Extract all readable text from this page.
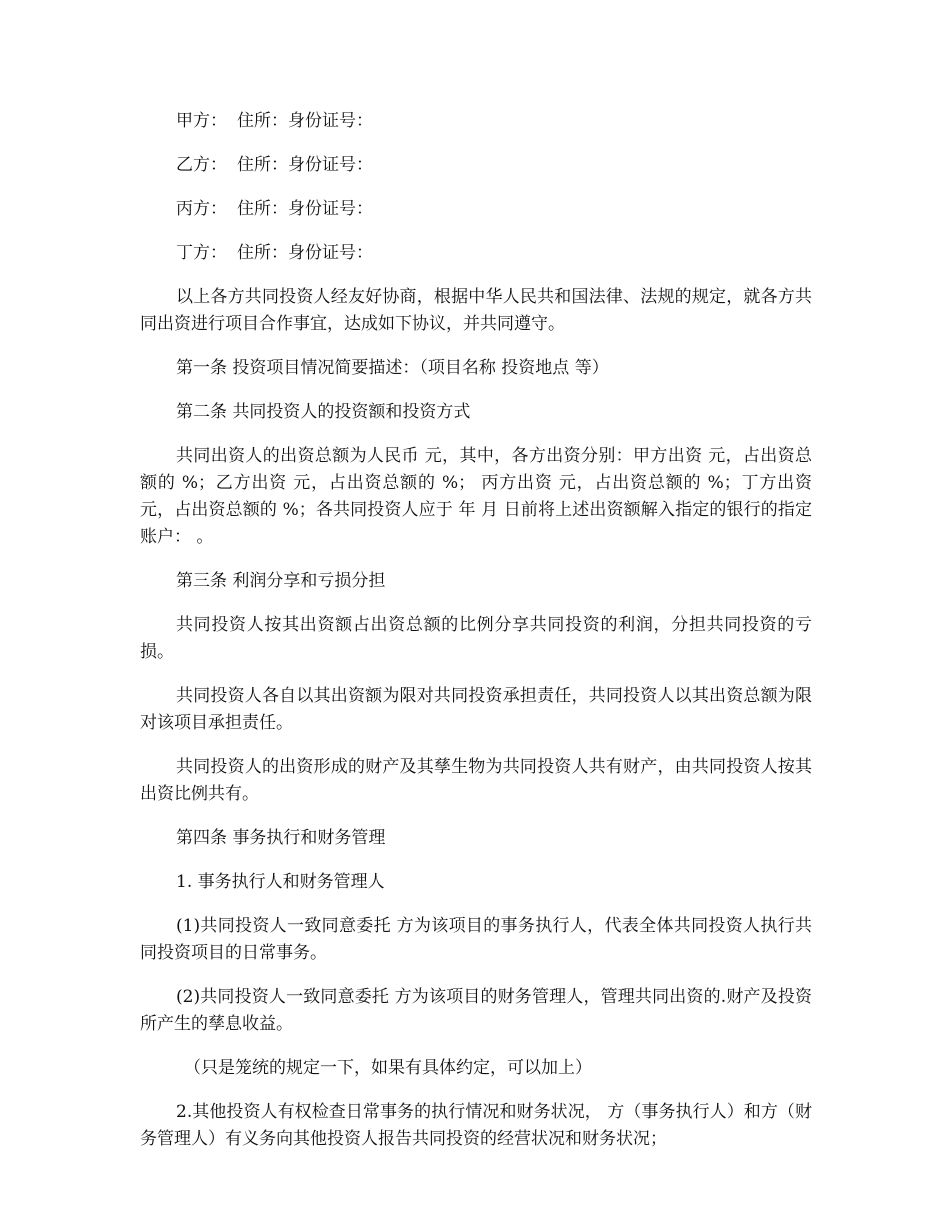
甲方： 住所：身份证号：
乙方： 住所：身份证号：
丙方： 住所：身份证号：
丁方： 住所：身份证号：

以上各方共同投资人经友好协商，根据中华人民共和国法律、法规的规定，就各方共同出资进行项目合作事宜，达成如下协议，并共同遵守。

第一条 投资项目情况简要描述：（项目名称 投资地点 等）

第二条 共同投资人的投资额和投资方式

共同出资人的出资总额为人民币 元，其中，各方出资分别：甲方出资 元，占出资总额的 %；乙方出资 元，占出资总额的 %； 丙方出资 元，占出资总额的 %；丁方出资 元，占出资总额的 %；各共同投资人应于 年 月 日前将上述出资额解入指定的银行的指定账户： 。

第三条 利润分享和亏损分担

共同投资人按其出资额占出资总额的比例分享共同投资的利润，分担共同投资的亏损。

共同投资人各自以其出资额为限对共同投资承担责任，共同投资人以其出资总额为限对该项目承担责任。

共同投资人的出资形成的财产及其孳生物为共同投资人共有财产，由共同投资人按其出资比例共有。

第四条 事务执行和财务管理

1. 事务执行人和财务管理人

(1)共同投资人一致同意委托 方为该项目的事务执行人，代表全体共同投资人执行共同投资项目的日常事务。

(2)共同投资人一致同意委托 方为该项目的财务管理人，管理共同出资的.财产及投资所产生的孳息收益。

（只是笼统的规定一下，如果有具体约定，可以加上）

2.其他投资人有权检查日常事务的执行情况和财务状况， 方（事务执行人）和方（财务管理人）有义务向其他投资人报告共同投资的经营状况和财务状况；
